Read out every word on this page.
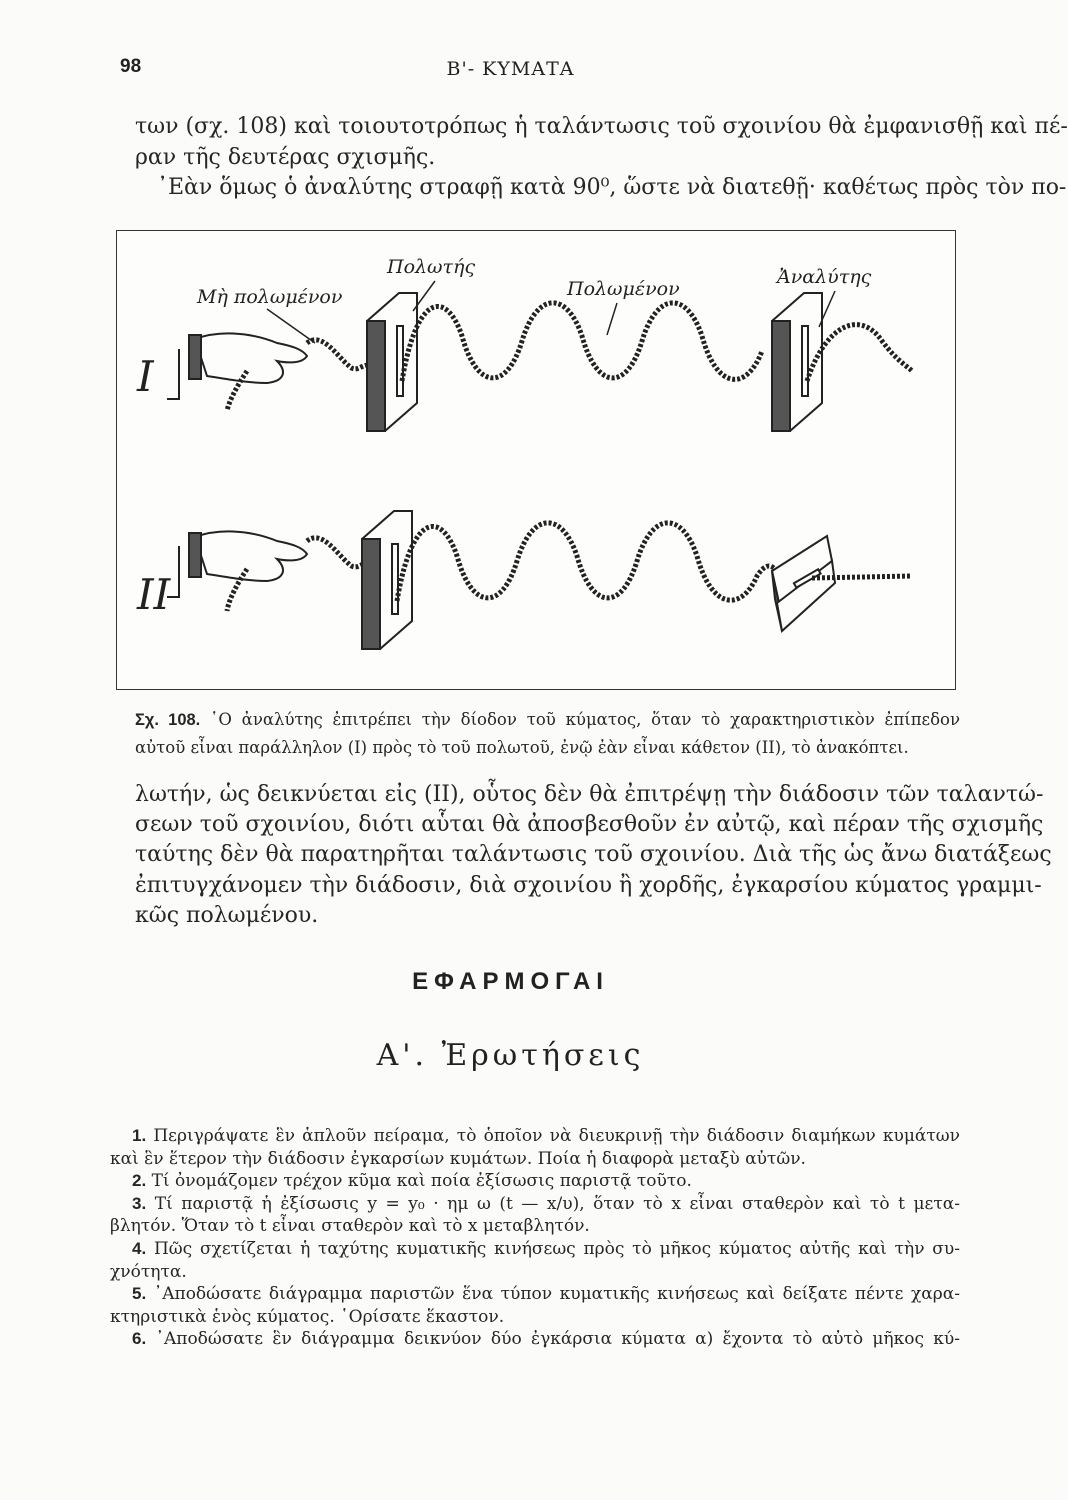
98	Β'- ΚΥΜΑΤΑ
των (σχ. 108) καὶ τοιουτοτρόπως ἡ ταλάντωσις τοῦ σχοινίου θὰ ἐμφανισθῇ καὶ πέ-
ραν τῆς δευτέρας σχισμῆς.
᾿Εὰν ὅμως ὁ ἀναλύτης στραφῇ κατὰ 90⁰, ὥστε νὰ διατεθῇ· καθέτως πρὸς τὸν πο-
I
Μὴ πολωμένον
Πολωτής
Πολωμένον
Ἀναλύτης
II
Σχ. 108. ῾Ο ἀναλύτης ἐπιτρέπει τὴν δίοδον τοῦ κύματος, ὅταν τὸ χαρακτηριστικὸν ἐπίπεδον
αὐτοῦ εἶναι παράλληλον (I) πρὸς τὸ τοῦ πολωτοῦ, ἐνῷ ἐὰν εἶναι κάθετον (II), τὸ ἀνακόπτει.
λωτήν, ὡς δεικνύεται εἰς (II), οὗτος δὲν θὰ ἐπιτρέψῃ τὴν διάδοσιν τῶν ταλαντώ-
σεων τοῦ σχοινίου, διότι αὗται θὰ ἀποσβεσθοῦν ἐν αὐτῷ, καὶ πέραν τῆς σχισμῆς
ταύτης δὲν θὰ παρατηρῆται ταλάντωσις τοῦ σχοινίου. Διὰ τῆς ὡς ἄνω διατάξεως
ἐπιτυγχάνομεν τὴν διάδοσιν, διὰ σχοινίου ἢ χορδῆς, ἐγκαρσίου κύματος γραμμι-
κῶς πολωμένου.
ΕΦΑΡΜΟΓΑΙ
Α'. Ἐρωτήσεις
1. Περιγράψατε ἓν ἁπλοῦν πείραμα, τὸ ὁποῖον νὰ διευκρινῇ τὴν διάδοσιν διαμήκων κυμάτων
καὶ ἓν ἕτερον τὴν διάδοσιν ἐγκαρσίων κυμάτων. Ποία ἡ διαφορὰ μεταξὺ αὐτῶν.
2. Τί ὀνομάζομεν τρέχον κῦμα καὶ ποία ἐξίσωσις παριστᾷ τοῦτο.
3. Τί παριστᾷ ἡ ἐξίσωσις y = y₀ · ημ ω (t — x/υ), ὅταν τὸ x εἶναι σταθερὸν καὶ τὸ t μετα-
βλητόν. Ὅταν τὸ t εἶναι σταθερὸν καὶ τὸ x μεταβλητόν.
4. Πῶς σχετίζεται ἡ ταχύτης κυματικῆς κινήσεως πρὸς τὸ μῆκος κύματος αὐτῆς καὶ τὴν συ-
χνότητα.
5. ᾿Αποδώσατε διάγραμμα παριστῶν ἕνα τύπον κυματικῆς κινήσεως καὶ δείξατε πέντε χαρα-
κτηριστικὰ ἑνὸς κύματος. ῾Ορίσατε ἕκαστον.
6. ᾿Αποδώσατε ἓν διάγραμμα δεικνύον δύο ἐγκάρσια κύματα α) ἔχοντα τὸ αὐτὸ μῆκος κύ-
